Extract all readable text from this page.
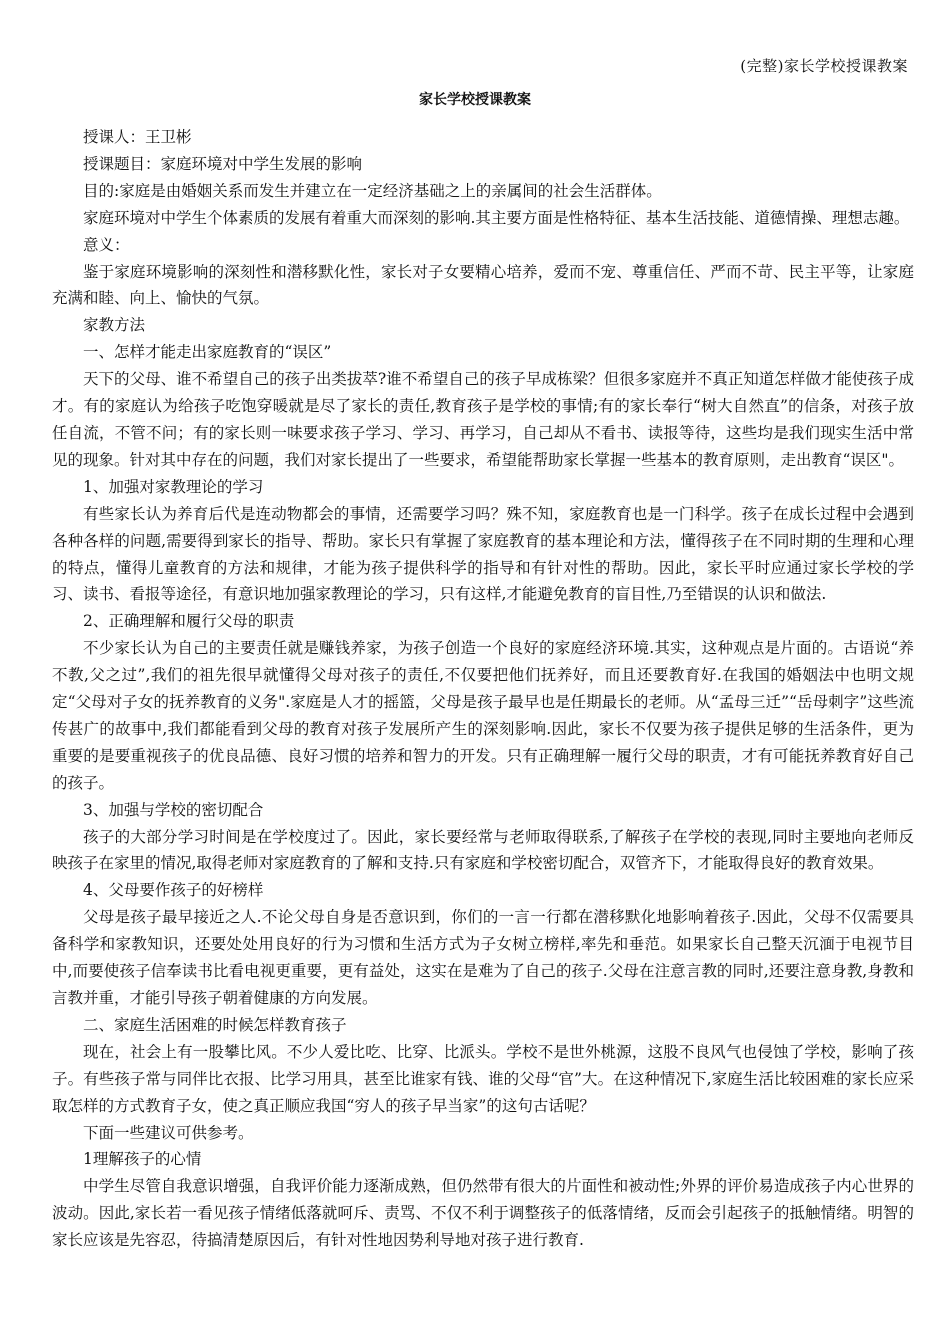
(完整)家长学校授课教案
家长学校授课教案

授课人：王卫彬

授课题目：家庭环境对中学生发展的影响

目的:家庭是由婚姻关系而发生并建立在一定经济基础之上的亲属间的社会生活群体。

家庭环境对中学生个体素质的发展有着重大而深刻的影响.其主要方面是性格特征、基本生活技能、道德情操、理想志趣。

意义：

鉴于家庭环境影响的深刻性和潜移默化性，家长对子女要精心培养，爱而不宠、尊重信任、严而不苛、民主平等，让家庭充满和睦、向上、愉快的气氛。

家教方法

一、怎样才能走出家庭教育的“误区”

天下的父母、谁不希望自己的孩子出类拔萃?谁不希望自己的孩子早成栋梁？但很多家庭并不真正知道怎样做才能使孩子成才。有的家庭认为给孩子吃饱穿暖就是尽了家长的责任,教育孩子是学校的事情;有的家长奉行“树大自然直”的信条，对孩子放任自流，不管不问；有的家长则一味要求孩子学习、学习、再学习，自己却从不看书、读报等待，这些均是我们现实生活中常见的现象。针对其中存在的问题，我们对家长提出了一些要求，希望能帮助家长掌握一些基本的教育原则，走出教育“误区"。

1、加强对家教理论的学习

有些家长认为养育后代是连动物都会的事情，还需要学习吗？殊不知，家庭教育也是一门科学。孩子在成长过程中会遇到各种各样的问题,需要得到家长的指导、帮助。家长只有掌握了家庭教育的基本理论和方法，懂得孩子在不同时期的生理和心理的特点，懂得儿童教育的方法和规律，才能为孩子提供科学的指导和有针对性的帮助。因此，家长平时应通过家长学校的学习、读书、看报等途径，有意识地加强家教理论的学习，只有这样,才能避免教育的盲目性,乃至错误的认识和做法.

2、正确理解和履行父母的职责

不少家长认为自己的主要责任就是赚钱养家，为孩子创造一个良好的家庭经济环境.其实，这种观点是片面的。古语说“养不教,父之过”,我们的祖先很早就懂得父母对孩子的责任,不仅要把他们抚养好，而且还要教育好.在我国的婚姻法中也明文规定“父母对子女的抚养教育的义务".家庭是人才的摇篮，父母是孩子最早也是任期最长的老师。从“孟母三迁”“岳母刺字”这些流传甚广的故事中,我们都能看到父母的教育对孩子发展所产生的深刻影响.因此，家长不仅要为孩子提供足够的生活条件，更为重要的是要重视孩子的优良品德、良好习惯的培养和智力的开发。只有正确理解一履行父母的职责，才有可能抚养教育好自己的孩子。

3、加强与学校的密切配合

孩子的大部分学习时间是在学校度过了。因此，家长要经常与老师取得联系,了解孩子在学校的表现,同时主要地向老师反映孩子在家里的情况,取得老师对家庭教育的了解和支持.只有家庭和学校密切配合，双管齐下，才能取得良好的教育效果。

4、父母要作孩子的好榜样

父母是孩子最早接近之人.不论父母自身是否意识到，你们的一言一行都在潜移默化地影响着孩子.因此，父母不仅需要具备科学和家教知识，还要处处用良好的行为习惯和生活方式为子女树立榜样,率先和垂范。如果家长自己整天沉湎于电视节目中,而要使孩子信奉读书比看电视更重要，更有益处，这实在是难为了自己的孩子.父母在注意言教的同时,还要注意身教,身教和言教并重，才能引导孩子朝着健康的方向发展。

二、家庭生活困难的时候怎样教育孩子

现在，社会上有一股攀比风。不少人爱比吃、比穿、比派头。学校不是世外桃源，这股不良风气也侵蚀了学校，影响了孩子。有些孩子常与同伴比衣报、比学习用具，甚至比谁家有钱、谁的父母“官”大。在这种情况下,家庭生活比较困难的家长应采取怎样的方式教育子女，使之真正顺应我国“穷人的孩子早当家”的这句古话呢？

下面一些建议可供参考。

1理解孩子的心情

中学生尽管自我意识增强，自我评价能力逐渐成熟，但仍然带有很大的片面性和被动性;外界的评价易造成孩子内心世界的波动。因此,家长若一看见孩子情绪低落就呵斥、责骂、不仅不利于调整孩子的低落情绪，反而会引起孩子的抵触情绪。明智的家长应该是先容忍，待搞清楚原因后，有针对性地因势利导地对孩子进行教育.
